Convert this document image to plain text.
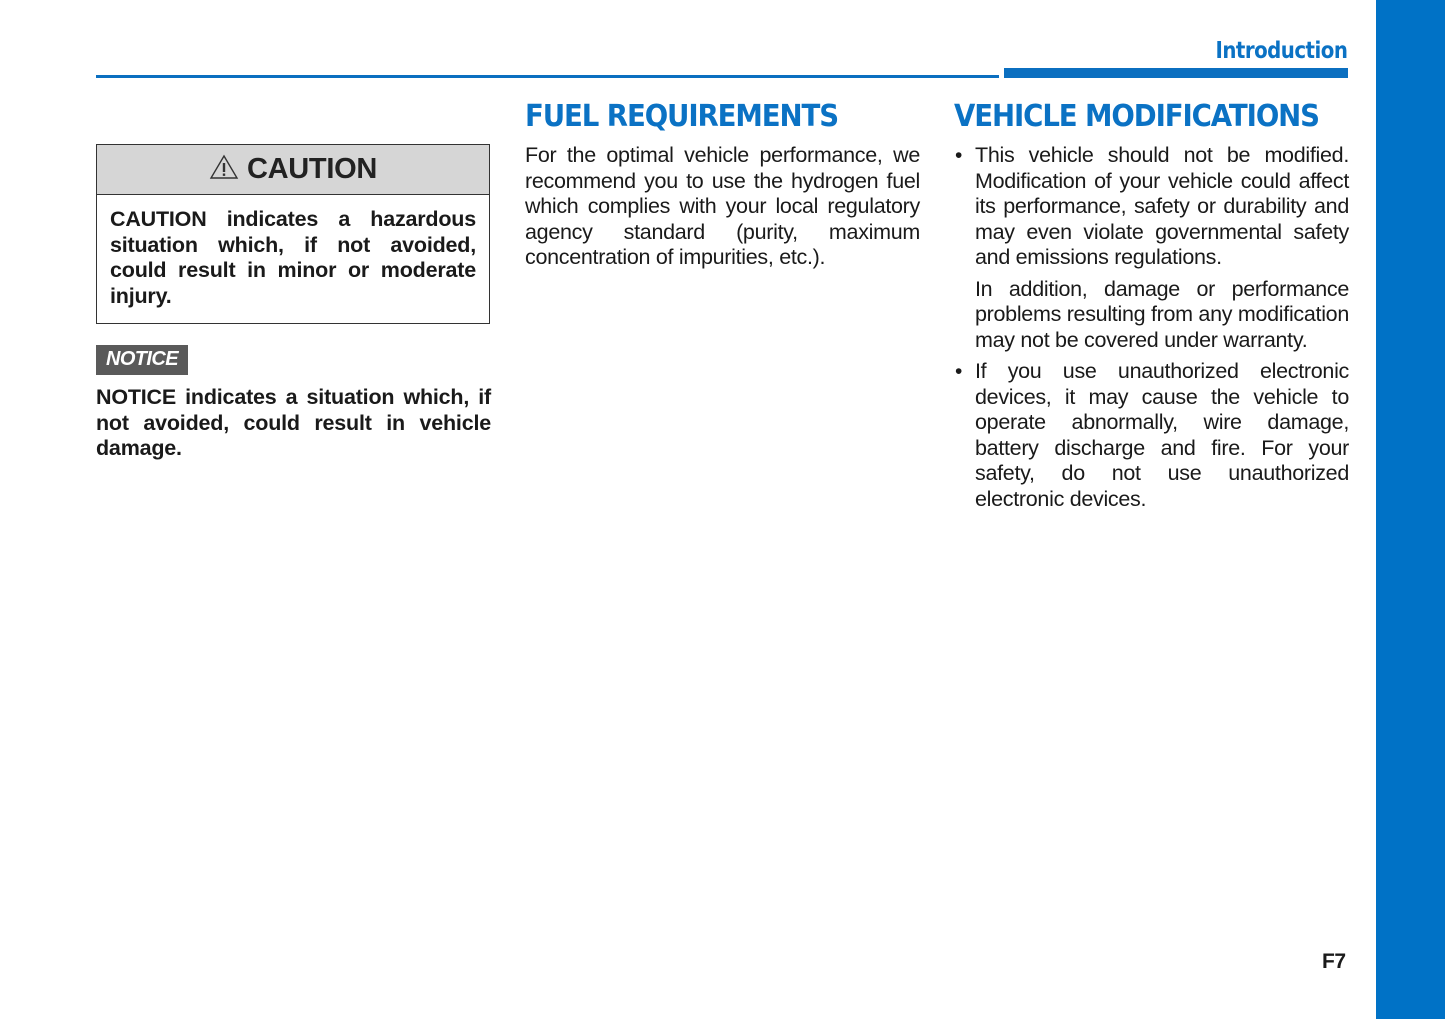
Introduction
CAUTION
CAUTION indicates a hazardous situation which, if not avoided, could result in minor or moderate injury.
NOTICE
NOTICE indicates a situation which, if not avoided, could result in vehicle damage.
FUEL REQUIREMENTS
For the optimal vehicle performance, we recommend you to use the hydrogen fuel which complies with your local regulatory agency standard (purity, maximum concentration of impurities, etc.).
VEHICLE MODIFICATIONS
• This vehicle should not be modified. Modification of your vehicle could affect its performance, safety or durability and may even violate governmental safety and emissions regulations.

In addition, damage or performance problems resulting from any modification may not be covered under warranty.

• If you use unauthorized electronic devices, it may cause the vehicle to operate abnormally, wire damage, battery discharge and fire. For your safety, do not use unauthorized electronic devices.

F7
